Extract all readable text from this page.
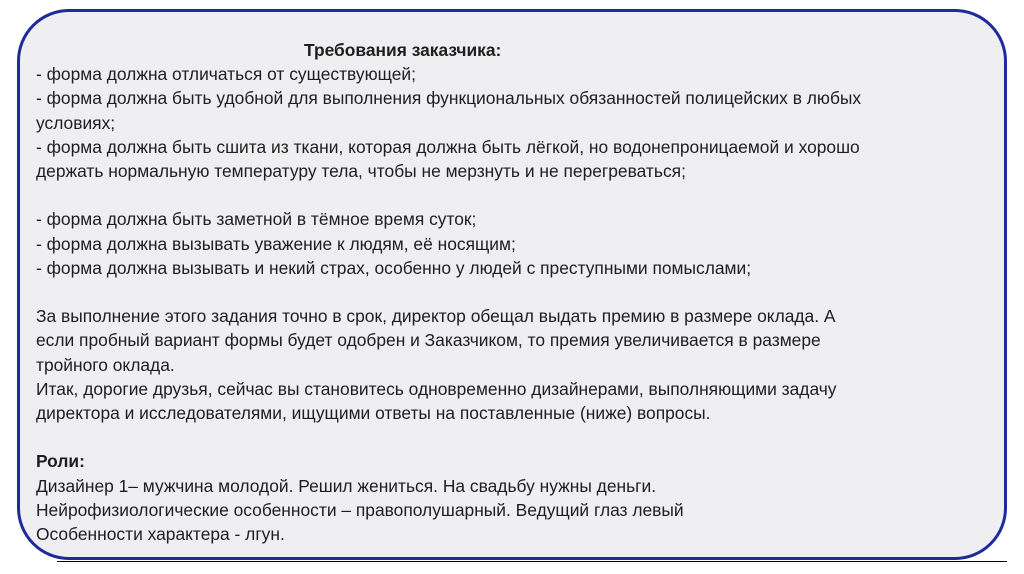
Требования заказчика:
- форма должна отличаться от существующей;
- форма должна быть удобной для выполнения функциональных обязанностей полицейских в любых
условиях;
- форма должна быть сшита из ткани, которая должна быть лёгкой, но водонепроницаемой и хорошо
держать нормальную температуру тела, чтобы не мерзнуть и не перегреваться;
- форма должна быть заметной в тёмное время суток;
- форма должна вызывать уважение к людям, её носящим;
- форма должна вызывать и некий страх, особенно у людей с преступными помыслами;
За выполнение этого задания точно в срок, директор обещал выдать премию в размере оклада. А
если пробный вариант формы будет одобрен и Заказчиком, то премия увеличивается в размере
тройного оклада.
Итак, дорогие друзья, сейчас вы становитесь одновременно дизайнерами, выполняющими задачу
директора и исследователями, ищущими ответы на поставленные (ниже) вопросы.
Роли:
Дизайнер 1– мужчина молодой. Решил жениться. На свадьбу нужны деньги.
Нейрофизиологические особенности – правополушарный. Ведущий глаз левый
Особенности характера - лгун.
